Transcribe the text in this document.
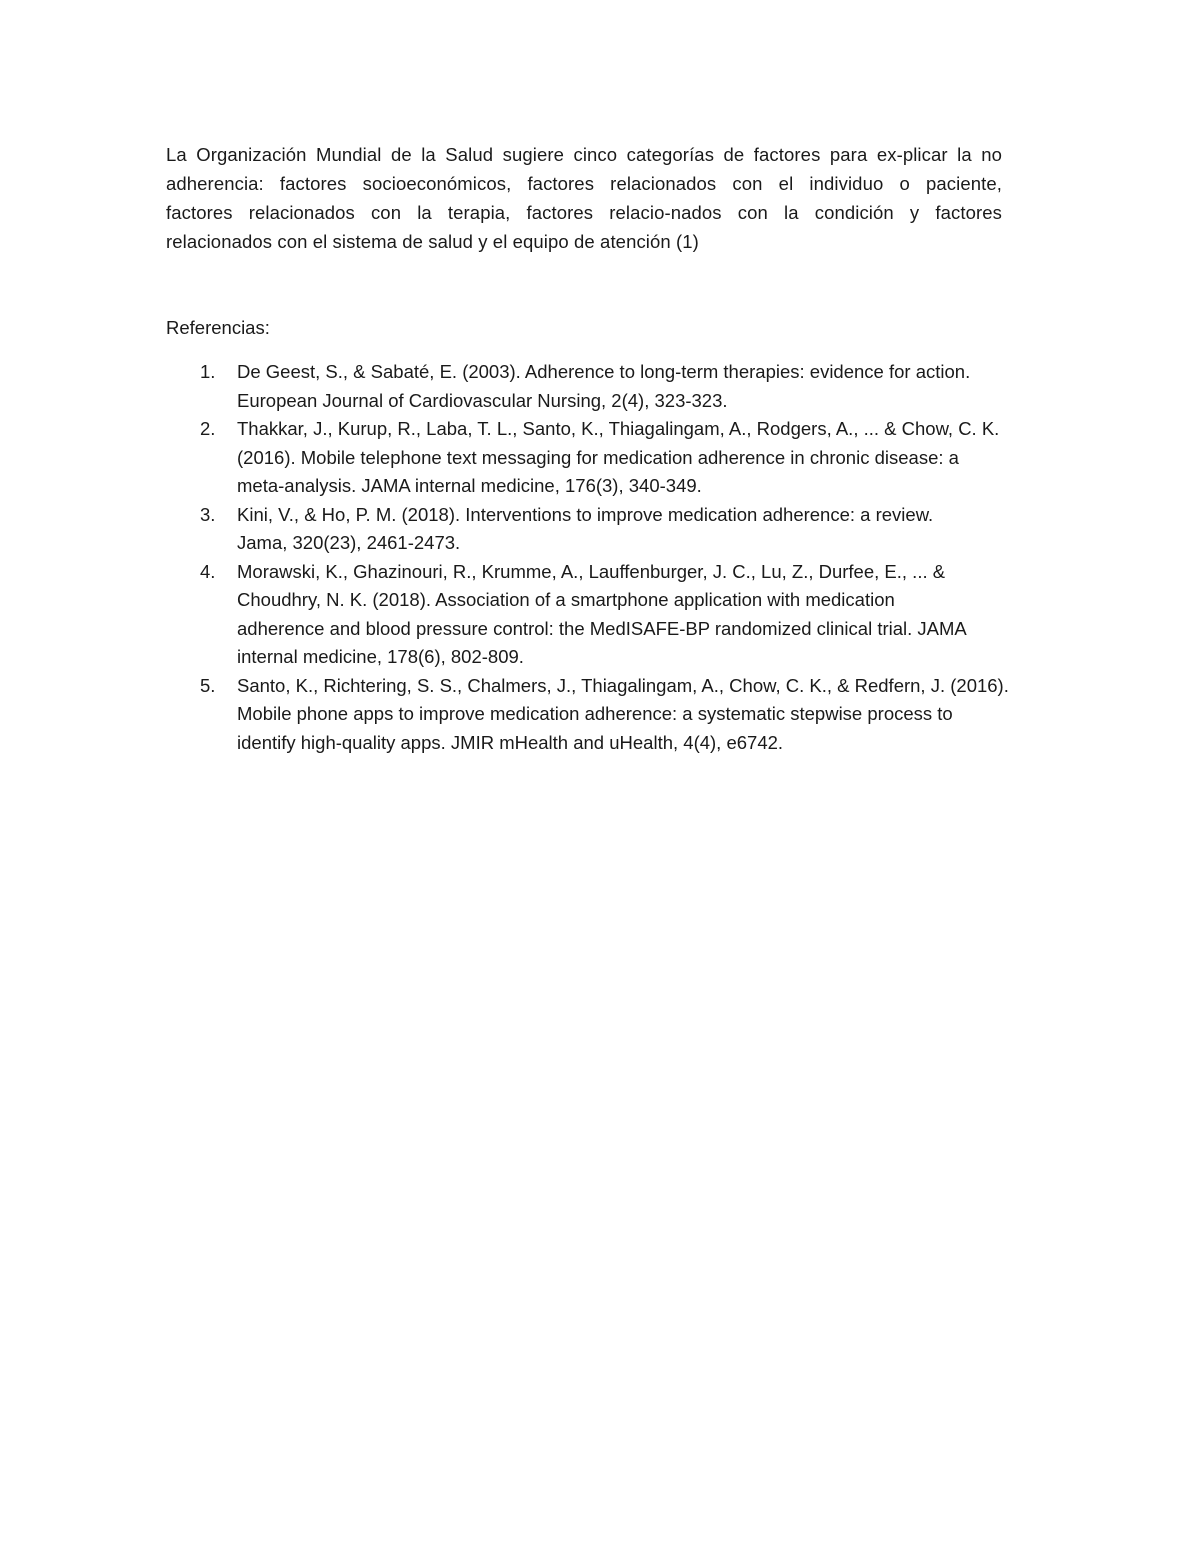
La Organización Mundial de la Salud sugiere cinco categorías de factores para ex-plicar la no
adherencia: factores socioeconómicos, factores relacionados con el individuo o paciente,
factores relacionados con la terapia, factores relacio-nados con la condición y factores
relacionados con el sistema de salud y el equipo de atención (1)

Referencias:
1. De Geest, S., & Sabaté, E. (2003). Adherence to long-term therapies: evidence for action.
European Journal of Cardiovascular Nursing, 2(4), 323-323.
2. Thakkar, J., Kurup, R., Laba, T. L., Santo, K., Thiagalingam, A., Rodgers, A., ... & Chow, C. K.
(2016). Mobile telephone text messaging for medication adherence in chronic disease: a
meta-analysis. JAMA internal medicine, 176(3), 340-349.
3. Kini, V., & Ho, P. M. (2018). Interventions to improve medication adherence: a review.
Jama, 320(23), 2461-2473.
4. Morawski, K., Ghazinouri, R., Krumme, A., Lauffenburger, J. C., Lu, Z., Durfee, E., ... &
Choudhry, N. K. (2018). Association of a smartphone application with medication
adherence and blood pressure control: the MedISAFE-BP randomized clinical trial. JAMA
internal medicine, 178(6), 802-809.
5. Santo, K., Richtering, S. S., Chalmers, J., Thiagalingam, A., Chow, C. K., & Redfern, J. (2016).
Mobile phone apps to improve medication adherence: a systematic stepwise process to
identify high-quality apps. JMIR mHealth and uHealth, 4(4), e6742.
